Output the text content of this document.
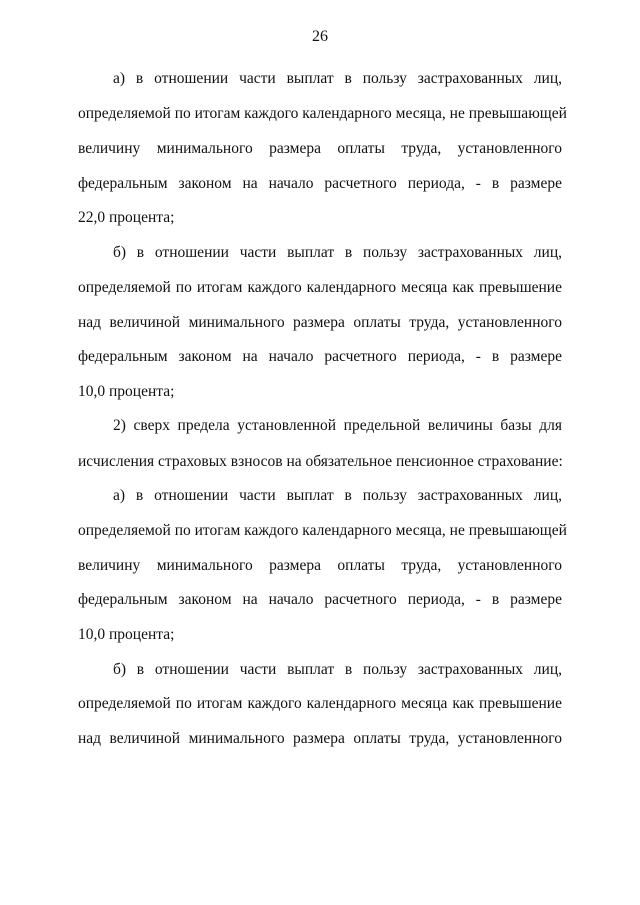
26
а) в отношении части выплат в пользу застрахованных лиц,
определяемой по итогам каждого календарного месяца, не превышающей
величину минимального размера оплаты труда, установленного
федеральным законом на начало расчетного периода, - в размере
22,0 процента;
б) в отношении части выплат в пользу застрахованных лиц,
определяемой по итогам каждого календарного месяца как превышение
над величиной минимального размера оплаты труда, установленного
федеральным законом на начало расчетного периода, - в размере
10,0 процента;
2) сверх предела установленной предельной величины базы для
исчисления страховых взносов на обязательное пенсионное страхование:
а) в отношении части выплат в пользу застрахованных лиц,
определяемой по итогам каждого календарного месяца, не превышающей
величину минимального размера оплаты труда, установленного
федеральным законом на начало расчетного периода, - в размере
10,0 процента;
б) в отношении части выплат в пользу застрахованных лиц,
определяемой по итогам каждого календарного месяца как превышение
над величиной минимального размера оплаты труда, установленного
